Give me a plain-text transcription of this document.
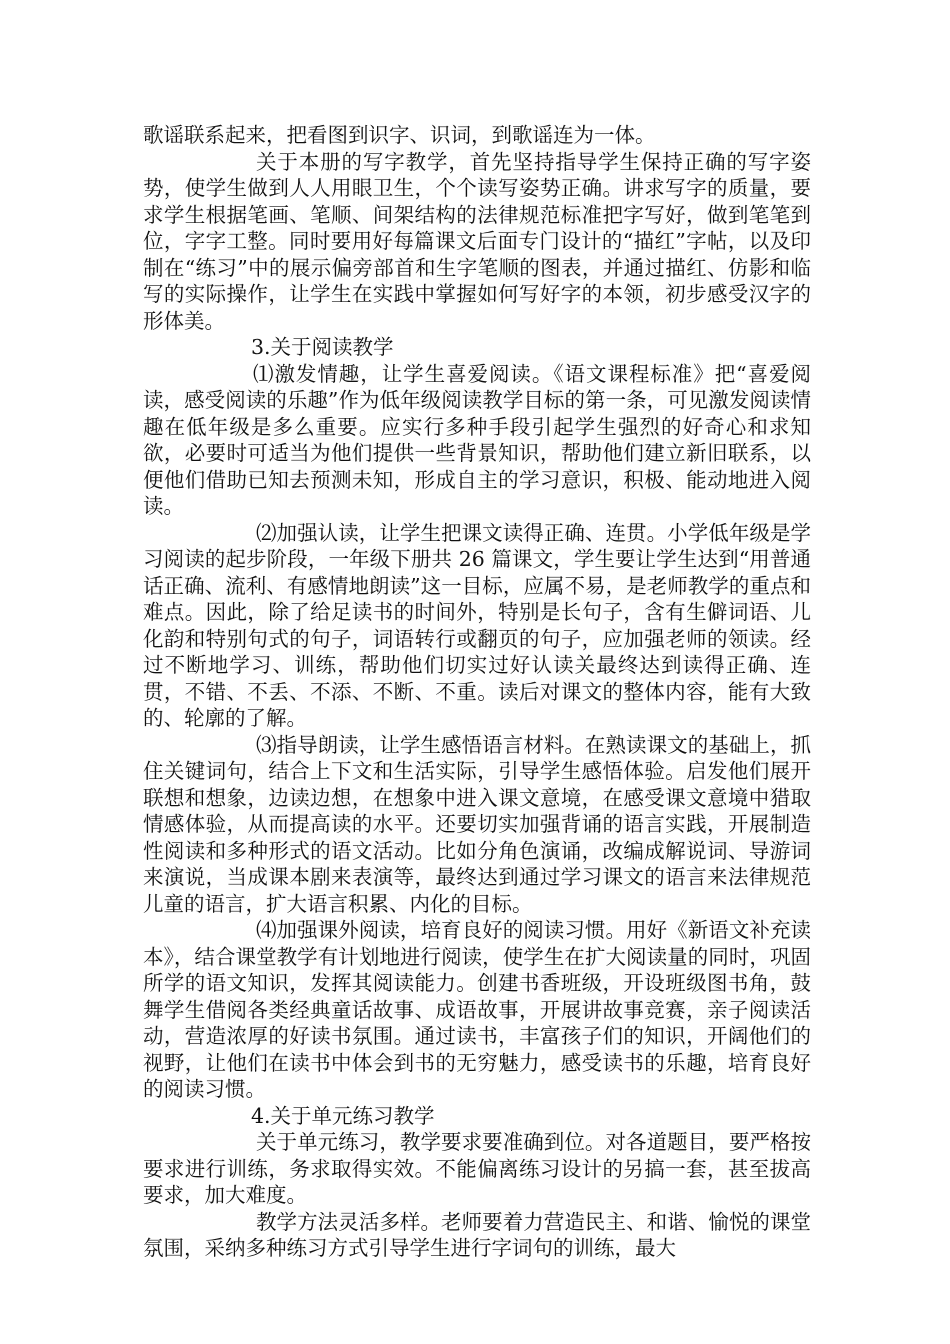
歌谣联系起来，把看图到识字、识词，到歌谣连为一体。

关于本册的写字教学，首先坚持指导学生保持正确的写字姿势，使学生做到人人用眼卫生，个个读写姿势正确。讲求写字的质量，要求学生根据笔画、笔顺、间架结构的法律规范标准把字写好，做到笔笔到位，字字工整。同时要用好每篇课文后面专门设计的“描红”字帖，以及印制在“练习”中的展示偏旁部首和生字笔顺的图表，并通过描红、仿影和临写的实际操作，让学生在实践中掌握如何写好字的本领，初步感受汉字的形体美。

3.关于阅读教学

⑴激发情趣，让学生喜爱阅读。《语文课程标准》把“喜爱阅读，感受阅读的乐趣”作为低年级阅读教学目标的第一条，可见激发阅读情趣在低年级是多么重要。应实行多种手段引起学生强烈的好奇心和求知欲，必要时可适当为他们提供一些背景知识，帮助他们建立新旧联系，以便他们借助已知去预测未知，形成自主的学习意识，积极、能动地进入阅读。

⑵加强认读，让学生把课文读得正确、连贯。小学低年级是学习阅读的起步阶段，一年级下册共 26 篇课文，学生要让学生达到“用普通话正确、流利、有感情地朗读”这一目标，应属不易，是老师教学的重点和难点。因此，除了给足读书的时间外，特别是长句子，含有生僻词语、儿化韵和特别句式的句子，词语转行或翻页的句子，应加强老师的领读。经过不断地学习、训练，帮助他们切实过好认读关最终达到读得正确、连贯，不错、不丢、不添、不断、不重。读后对课文的整体内容，能有大致的、轮廓的了解。

⑶指导朗读，让学生感悟语言材料。在熟读课文的基础上，抓住关键词句，结合上下文和生活实际，引导学生感悟体验。启发他们展开联想和想象，边读边想，在想象中进入课文意境，在感受课文意境中猎取情感体验，从而提高读的水平。还要切实加强背诵的语言实践，开展制造性阅读和多种形式的语文活动。比如分角色演诵，改编成解说词、导游词来演说，当成课本剧来表演等，最终达到通过学习课文的语言来法律规范儿童的语言，扩大语言积累、内化的目标。

⑷加强课外阅读，培育良好的阅读习惯。用好《新语文补充读本》，结合课堂教学有计划地进行阅读，使学生在扩大阅读量的同时，巩固所学的语文知识，发挥其阅读能力。创建书香班级，开设班级图书角，鼓舞学生借阅各类经典童话故事、成语故事，开展讲故事竞赛，亲子阅读活动，营造浓厚的好读书氛围。通过读书，丰富孩子们的知识，开阔他们的视野，让他们在读书中体会到书的无穷魅力，感受读书的乐趣，培育良好的阅读习惯。

4.关于单元练习教学

关于单元练习，教学要求要准确到位。对各道题目，要严格按要求进行训练，务求取得实效。不能偏离练习设计的另搞一套，甚至拔高要求，加大难度。

教学方法灵活多样。老师要着力营造民主、和谐、愉悦的课堂氛围，采纳多种练习方式引导学生进行字词句的训练，最大
